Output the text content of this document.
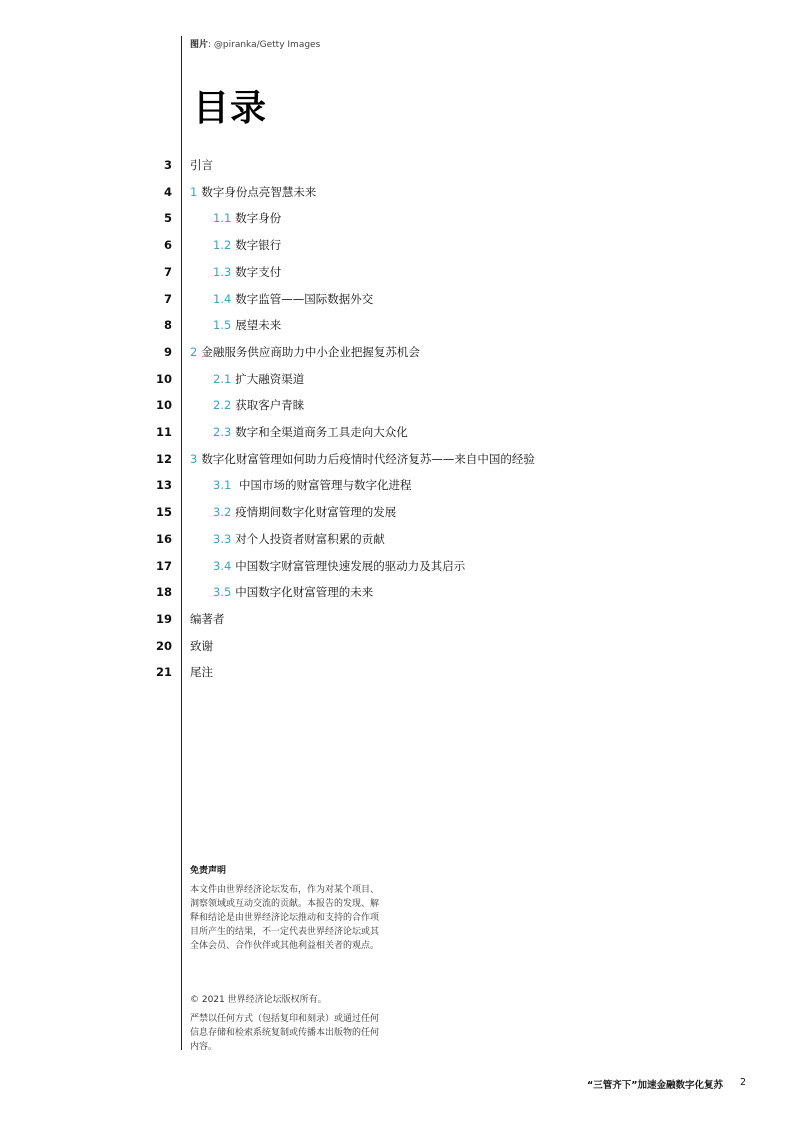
图片: @piranka/Getty Images
目录
3 引言
4 1 数字身份点亮智慧未来
5	1.1 数字身份
6	1.2 数字银行
7	1.3 数字支付
7	1.4 数字监管——国际数据外交
8	1.5 展望未来
9 2 金融服务供应商助力中小企业把握复苏机会
10	2.1 扩大融资渠道
10	2.2 获取客户青睐
11	2.3 数字和全渠道商务工具走向大众化
12 3 数字化财富管理如何助力后疫情时代经济复苏——来自中国的经验
13	3.1 中国市场的财富管理与数字化进程
15	3.2 疫情期间数字化财富管理的发展
16	3.3 对个人投资者财富积累的贡献
17	3.4 中国数字财富管理快速发展的驱动力及其启示
18	3.5 中国数字化财富管理的未来
19 编著者
20 致谢
21 尾注
免责声明
本文件由世界经济论坛发布，作为对某个项目、洞察领域或互动交流的贡献。本报告的发现、解释和结论是由世界经济论坛推动和支持的合作项目所产生的结果，不一定代表世界经济论坛或其全体会员、合作伙伴或其他利益相关者的观点。
© 2021 世界经济论坛版权所有。
严禁以任何方式（包括复印和刻录）或通过任何信息存储和检索系统复制或传播本出版物的任何内容。
“三管齐下”加速金融数字化复苏 2
